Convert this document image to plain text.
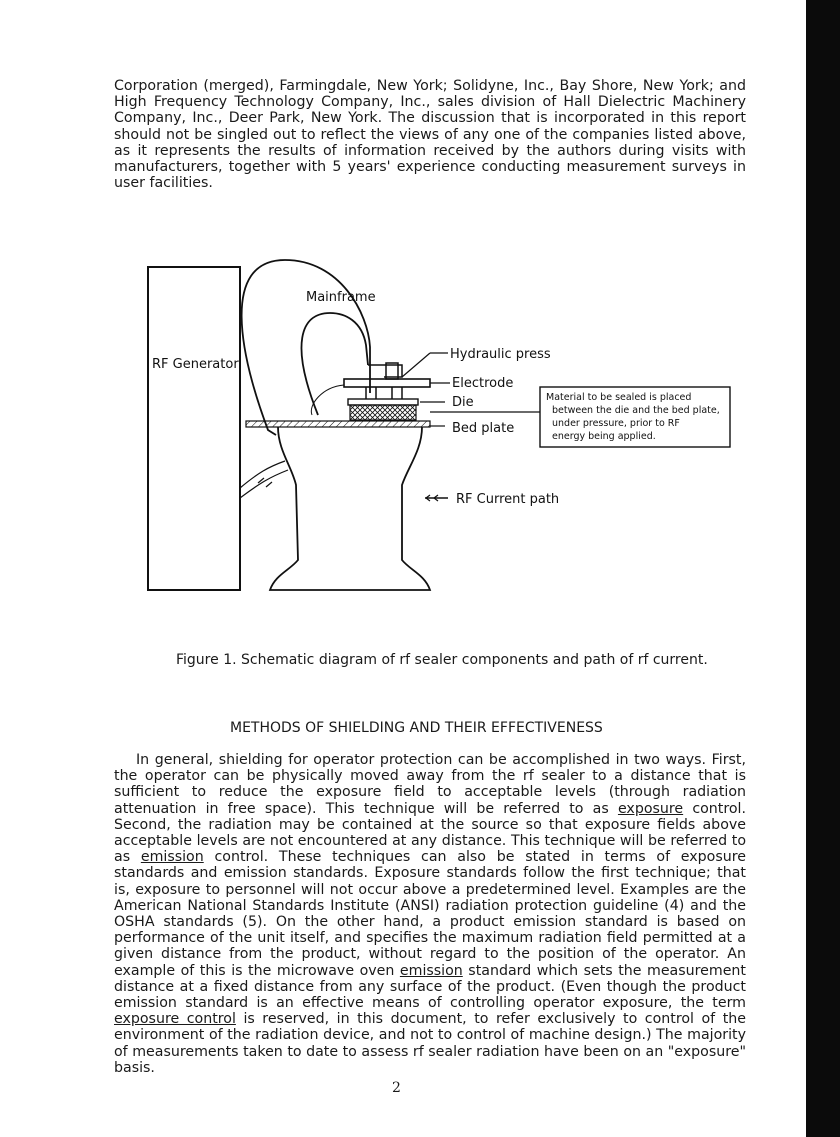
Corporation (merged), Farmingdale, New York; Solidyne, Inc., Bay Shore, New York; and High Frequency Technology Company, Inc., sales division of Hall Dielectric Machinery Company, Inc., Deer Park, New York. The discussion that is incorporated in this report should not be singled out to reflect the views of any one of the companies listed above, as it represents the results of information received by the authors during visits with manufacturers, together with 5 years' experience conducting measurement surveys in user facilities.

RF Generator
Mainframe
Hydraulic press
Electrode
Die
Bed plate
Material to be sealed is placed
between the die and the bed plate,
under pressure, prior to RF
energy being applied.
RF Current path

Figure 1. Schematic diagram of rf sealer components and path of rf current.

METHODS OF SHIELDING AND THEIR EFFECTIVENESS

In general, shielding for operator protection can be accomplished in two ways. First, the operator can be physically moved away from the rf sealer to a distance that is sufficient to reduce the exposure field to acceptable levels (through radiation attenuation in free space). This technique will be referred to as exposure control. Second, the radiation may be contained at the source so that exposure fields above acceptable levels are not encountered at any distance. This technique will be referred to as emission control. These techniques can also be stated in terms of exposure standards and emission standards. Exposure standards follow the first technique; that is, exposure to personnel will not occur above a predetermined level. Examples are the American National Standards Institute (ANSI) radiation protection guideline (4) and the OSHA standards (5). On the other hand, a product emission standard is based on performance of the unit itself, and specifies the maximum radiation field permitted at a given distance from the product, without regard to the position of the operator. An example of this is the microwave oven emission standard which sets the measurement distance at a fixed distance from any surface of the product. (Even though the product emission standard is an effective means of controlling operator exposure, the term exposure control is reserved, in this document, to refer exclusively to control of the environment of the radiation device, and not to control of machine design.) The majority of measurements taken to date to assess rf sealer radiation have been on an "exposure" basis.

2
